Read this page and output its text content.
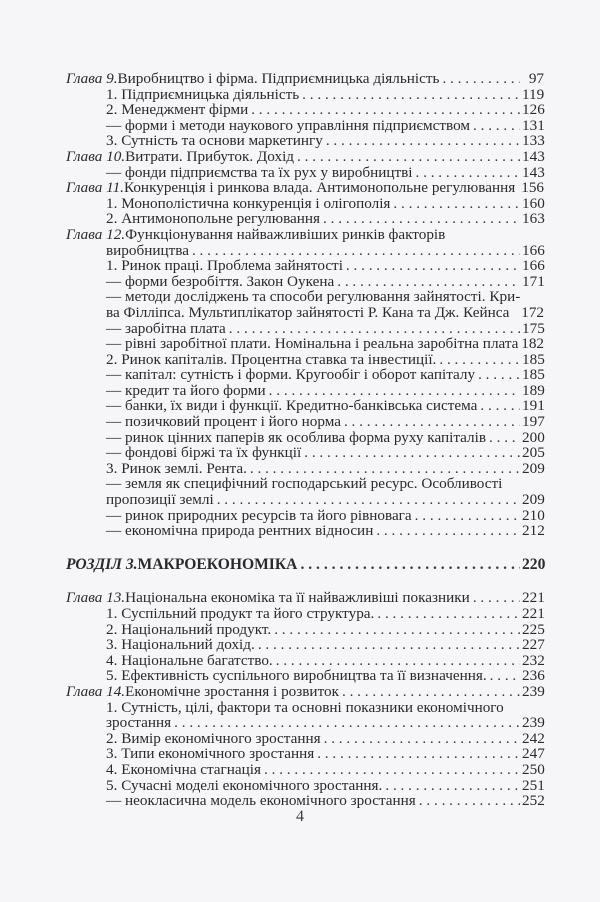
Глава 9. Виробництво і фірма. Підприємницька діяльність . . .	97
1. Підприємницька діяльність . . .	119
2. Менеджмент фірми . . .	126
— форми і методи наукового управління підприємством . . .	131
3. Сутність та основи маркетингу . . .	133
Глава 10. Витрати. Прибуток. Дохід . . .	143
— фонди підприємства та їх рух у виробництві . . .	143
Глава 11. Конкуренція і ринкова влада. Антимонопольне регулювання 156
1. Монополістична конкуренція і олігополія . . .	160
2. Антимонопольне регулювання . . .	163
Глава 12. Функціонування найважливіших ринків факторів
виробництва . . .	166
1. Ринок праці. Проблема зайнятості . . .	166
— форми безробіття. Закон Оукена . . .	171
— методи досліджень та способи регулювання зайнятості. Кри-
ва Філліпса. Мультиплікатор зайнятості Р. Кана та Дж. Кейнса 172
— заробітна плата . . .	175
— рівні заробітної плати. Номінальна і реальна заробітна плата 182
2. Ринок капіталів. Процентна ставка та інвестиції. . . .	185
— капітал: сутність і форми. Кругообіг і оборот капіталу . . .	185
— кредит та його форми . . .	189
— банки, їх види і функції. Кредитно-банківська система . . .	191
— позичковий процент і його норма . . .	197
— ринок цінних паперів як особлива форма руху капіталів . . . 200
— фондові біржі та їх функції . . .	205
3. Ринок землі. Рента. . . .	209
— земля як специфічний господарський ресурс. Особливості
пропозиції землі . . .	209
— ринок природних ресурсів та його рівновага . . .	210
— економічна природа рентних відносин . . .	212
РОЗДІЛ 3. МАКРОЕКОНОМІКА . . .	220
Глава 13. Національна економіка та її найважливіші показники . . .	221
1. Суспільний продукт та його структура. . . .	221
2. Національний продукт. . . .	225
3. Національний дохід. . . .	227
4. Національне багатство. . . .	232
5. Ефективність суспільного виробництва та її визначення. . . . 236
Глава 14. Економічне зростання і розвиток . . .	239
1. Сутність, цілі, фактори та основні показники економічного
зростання . . .	239
2. Вимір економічного зростання . . .	242
3. Типи економічного зростання . . .	247
4. Економічна стагнація . . .	250
5. Сучасні моделі економічного зростання. . . .	251
— неокласична модель економічного зростання . . .	252
4
